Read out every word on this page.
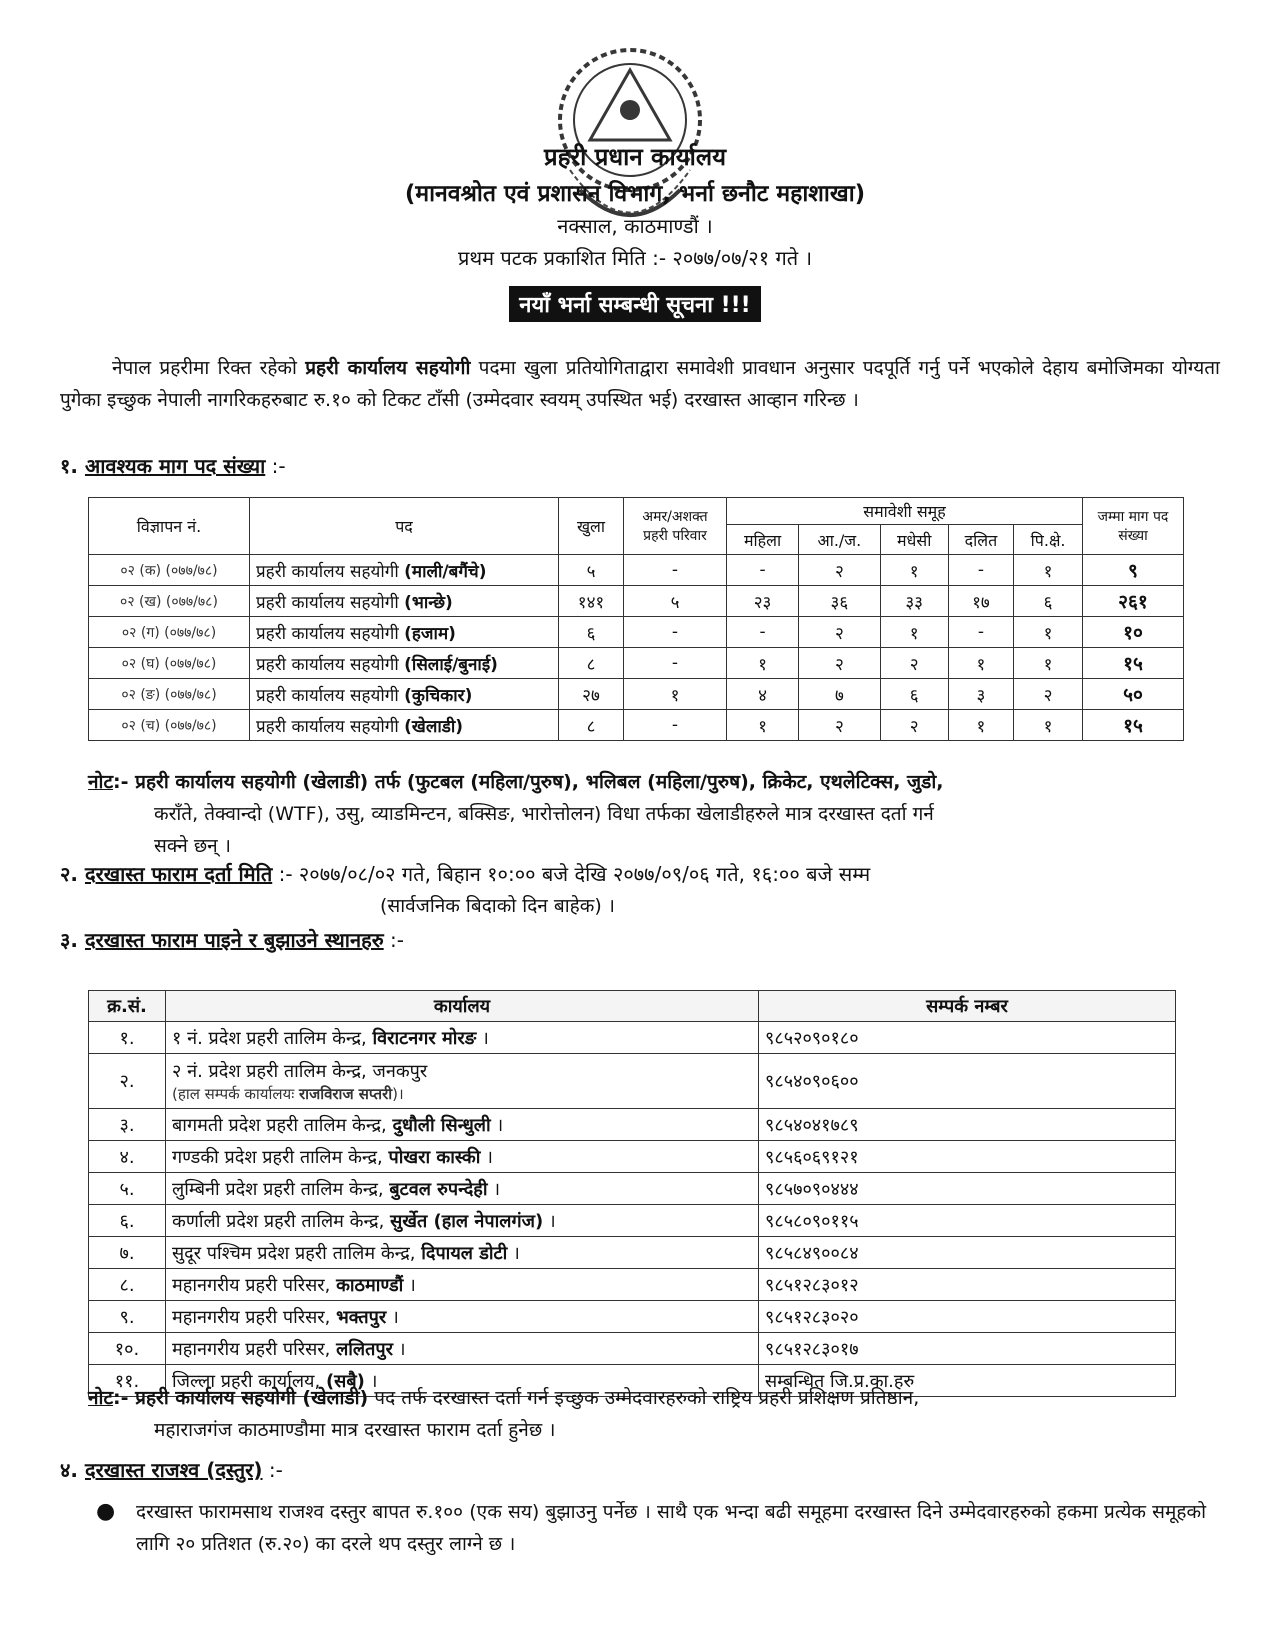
प्रहरी प्रधान कार्यालय
(मानवश्रोत एवं प्रशासन विभाग, भर्ना छनौट महाशाखा)
नक्साल, काठमाण्डौं ।
प्रथम पटक प्रकाशित मिति :- २०७७/०७/२१ गते ।
नयाँ भर्ना सम्बन्धी सूचना !!!
नेपाल प्रहरीमा रिक्त रहेको प्रहरी कार्यालय सहयोगी पदमा खुला प्रतियोगिताद्वारा समावेशी प्रावधान अनुसार पदपूर्ति गर्नु पर्ने भएकोले देहाय बमोजिमका योग्यता पुगेका इच्छुक नेपाली नागरिकहरुबाट रु.१० को टिकट टाँसी (उम्मेदवार स्वयम् उपस्थित भई) दरखास्त आव्हान गरिन्छ ।
१. आवश्यक माग पद संख्या :-
विज्ञापन नं.	पद	खुला	अमर/अशक्त प्रहरी परिवार	समावेशी समूह					जम्मा माग पद संख्या
				महिला	आ./ज.	मधेसी	दलित	पि.क्षे.	
०२ (क) (०७७/७८)	प्रहरी कार्यालय सहयोगी (माली/बगैंचे)	५	-	-	२	१	-	१	९
०२ (ख) (०७७/७८)	प्रहरी कार्यालय सहयोगी (भान्छे)	१४१	५	२३	३६	३३	१७	६	२६१
०२ (ग) (०७७/७८)	प्रहरी कार्यालय सहयोगी (हजाम)	६	-	-	२	१	-	१	१०
०२ (घ) (०७७/७८)	प्रहरी कार्यालय सहयोगी (सिलाई/बुनाई)	८	-	१	२	२	१	१	१५
०२ (ङ) (०७७/७८)	प्रहरी कार्यालय सहयोगी (कुचिकार)	२७	१	४	७	६	३	२	५०
०२ (च) (०७७/७८)	प्रहरी कार्यालय सहयोगी (खेलाडी)	८	-	१	२	२	१	१	१५
नोट:- प्रहरी कार्यालय सहयोगी (खेलाडी) तर्फ (फुटबल (महिला/पुरुष), भलिबल (महिला/पुरुष), क्रिकेट, एथलेटिक्स, जुडो,
कराँते, तेक्वान्दो (WTF), उसु, व्याडमिन्टन, बक्सिङ, भारोत्तोलन) विधा तर्फका खेलाडीहरुले मात्र दरखास्त दर्ता गर्न
सक्ने छन् ।
२. दरखास्त फाराम दर्ता मिति :- २०७७/०८/०२ गते, बिहान १०:०० बजे देखि २०७७/०९/०६ गते, १६:०० बजे सम्म
(सार्वजनिक बिदाको दिन बाहेक) ।
३. दरखास्त फाराम पाइने र बुझाउने स्थानहरु :-
क्र.सं.	कार्यालय	सम्पर्क नम्बर
१.	१ नं. प्रदेश प्रहरी तालिम केन्द्र, विराटनगर मोरङ ।	९८५२०९०१८०
२.	२ नं. प्रदेश प्रहरी तालिम केन्द्र, जनकपुर
(हाल सम्पर्क कार्यालयः राजविराज सप्तरी)।	९८५४०९०६००
३.	बागमती प्रदेश प्रहरी तालिम केन्द्र, दुधौली सिन्धुली ।	९८५४०४१७८९
४.	गण्डकी प्रदेश प्रहरी तालिम केन्द्र, पोखरा कास्की ।	९८५६०६९१२१
५.	लुम्बिनी प्रदेश प्रहरी तालिम केन्द्र, बुटवल रुपन्देही ।	९८५७०९०४४४
६.	कर्णाली प्रदेश प्रहरी तालिम केन्द्र, सुर्खेत (हाल नेपालगंज) ।	९८५८०९०११५
७.	सुदूर पश्चिम प्रदेश प्रहरी तालिम केन्द्र, दिपायल डोटी ।	९८५८४९००८४
८.	महानगरीय प्रहरी परिसर, काठमाण्डौं ।	९८५१२८३०१२
९.	महानगरीय प्रहरी परिसर, भक्तपुर ।	९८५१२८३०२०
१०.	महानगरीय प्रहरी परिसर, ललितपुर ।	९८५१२८३०१७
११.	जिल्ला प्रहरी कार्यालय, (सबै) ।	सम्बन्धित जि.प्र.का.हरु
नोट:- प्रहरी कार्यालय सहयोगी (खेलाडी) पद तर्फ दरखास्त दर्ता गर्न इच्छुक उम्मेदवारहरुको राष्ट्रिय प्रहरी प्रशिक्षण प्रतिष्ठान,
महाराजगंज काठमाण्डौमा मात्र दरखास्त फाराम दर्ता हुनेछ ।
४. दरखास्त राजश्व (दस्तुर) :-
●	दरखास्त फारामसाथ राजश्व दस्तुर बापत रु.१०० (एक सय) बुझाउनु पर्नेछ । साथै एक भन्दा बढी समूहमा दरखास्त दिने उम्मेदवारहरुको हकमा प्रत्येक समूहको लागि २० प्रतिशत (रु.२०) का दरले थप दस्तुर लाग्ने छ ।
